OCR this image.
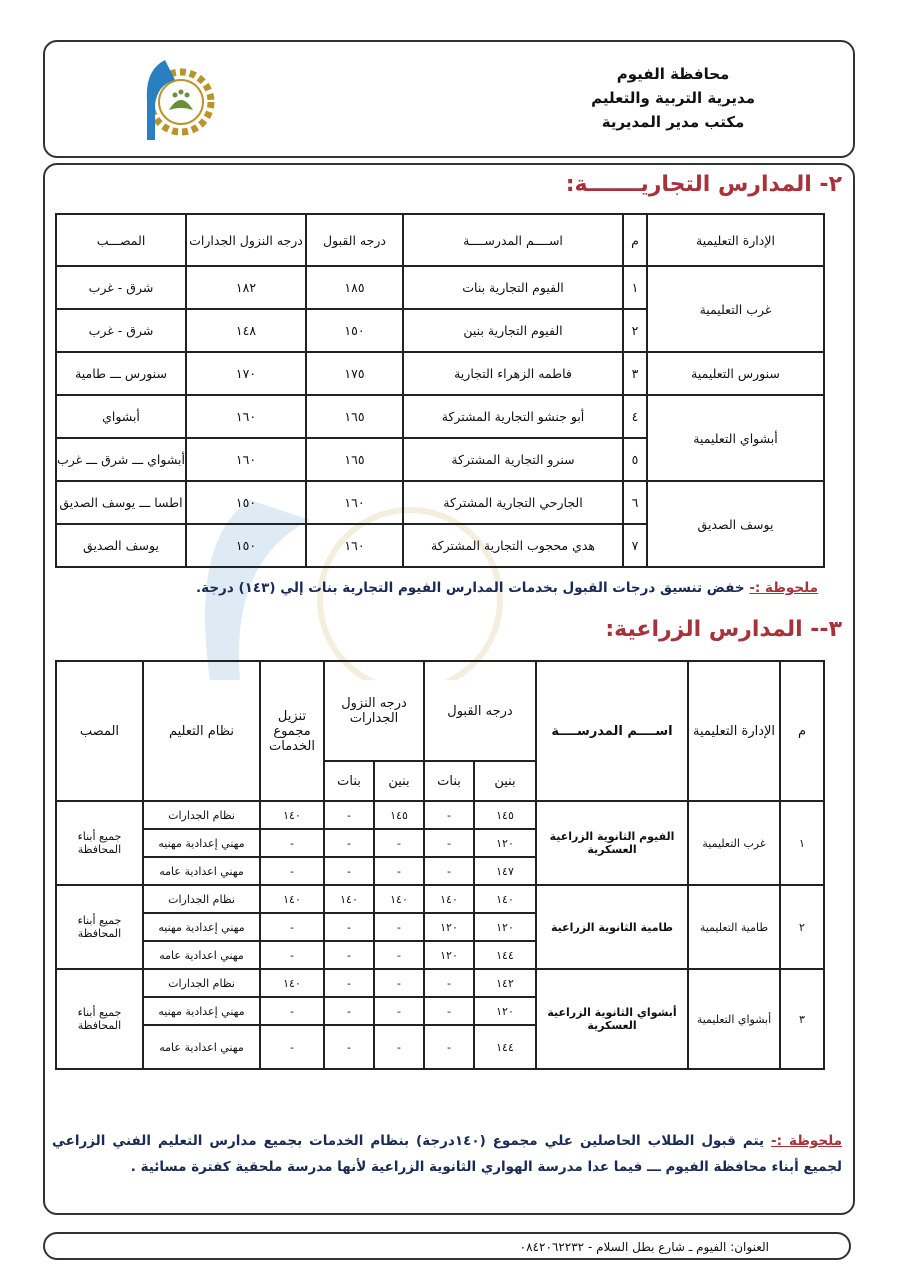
محافظة الفيوم
مديرية التربية والتعليم
مكتب مدير المديرية
٢- المدارس التجاريـــــــة:
الإدارة التعليمية	م	اســــم المدرســــة	درجه القبول	درجه النزول الجدارات	المصـــب
غرب التعليمية	١	الفيوم التجارية بنات	١٨٥	١٨٢	شرق - غرب
	٢	الفيوم التجارية بنين	١٥٠	١٤٨	شرق - غرب
سنورس التعليمية	٣	فاطمه الزهراء التجارية	١٧٥	١٧٠	سنورس ـــ طامية
أبشواي التعليمية	٤	أبو جنشو التجارية المشتركة	١٦٥	١٦٠	أبشواي
	٥	سنرو التجارية المشتركة	١٦٥	١٦٠	أبشواي ـــ شرق ـــ غرب
يوسف الصديق	٦	الجارحي التجارية المشتركة	١٦٠	١٥٠	اطسا ـــ يوسف الصديق
	٧	هدي محجوب التجارية المشتركة	١٦٠	١٥٠	يوسف الصديق
ملحوظة :- خفض تنسيق درجات القبول بخدمات المدارس الفيوم التجارية بنات إلي (١٤٣) درجة.
٣-- المدارس الزراعية:
م	الإدارة التعليمية	اســــم المدرســــة	درجه القبول		درجه النزول الجدارات		تنزيل مجموع الخدمات	نظام التعليم	المصب
			بنين	بنات	بنين	بنات			
١	غرب التعليمية	الفيوم الثانوية الزراعية العسكرية	١٤٥	-	١٤٥	-	١٤٠	نظام الجدارات	جميع أبناء المحافظة
			١٢٠	-	-	-	-	مهني إعدادية مهنيه	
			١٤٧	-	-	-	-	مهني اعدادية عامه	
٢	طامية التعليمية	طامية الثانوية الزراعية	١٤٠	١٤٠	١٤٠	١٤٠	١٤٠	نظام الجدارات	جميع أبناء المحافظة
			١٢٠	١٢٠	-	-	-	مهني إعدادية مهنيه	
			١٤٤	١٢٠	-	-	-	مهني اعدادية عامه	
٣	أبشواي التعليمية	أبشواي الثانوية الزراعية العسكرية	١٤٢	-	-	-	١٤٠	نظام الجدارات	جميع أبناء المحافظة
			١٢٠	-	-	-	-	مهني إعدادية مهنيه	
			١٤٤	-	-	-	-	مهني اعدادية عامه	
ملحوظة :- يتم قبول الطلاب الحاصلين علي مجموع (١٤٠درجة) بنظام الخدمات بجميع مدارس التعليم الفني الزراعي لجميع أبناء محافظة الفيوم ـــ فيما عدا مدرسة الهواري الثانوية الزراعية لأنها مدرسة ملحقية كفترة مسائية .
العنوان: الفيوم ـ شارع بطل السلام - ٠٨٤٢٠٦٢٢٣٢
